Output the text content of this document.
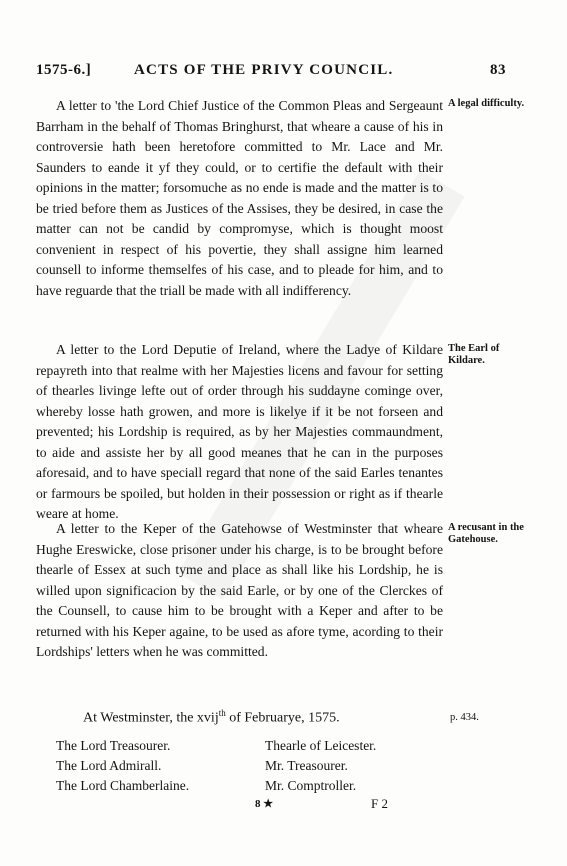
1575-6.]	ACTS OF THE PRIVY COUNCIL.	83
A letter to 'the Lord Chief Justice of the Common Pleas and Sergeaunt Barrham in the behalf of Thomas Bringhurst, that wheare a cause of his in controversie hath been heretofore committed to Mr. Lace and Mr. Saunders to eande it yf they could, or to certifie the default with their opinions in the matter; forsomuche as no ende is made and the matter is to be tried before them as Justices of the Assises, they be desired, in case the matter can not be candid by compromyse, which is thought moost convenient in respect of his povertie, they shall assigne him learned counsell to informe themselfes of his case, and to pleade for him, and to have reguarde that the triall be made with all indifferency.
A legal difficulty.
A letter to the Lord Deputie of Ireland, where the Ladye of Kildare repayreth into that realme with her Majesties licens and favour for setting of thearles livinge lefte out of order through his suddayne cominge over, whereby losse hath growen, and more is likelye if it be not forseen and prevented; his Lordship is required, as by her Majesties commaundment, to aide and assiste her by all good meanes that he can in the purposes aforesaid, and to have speciall regard that none of the said Earles tenantes or farmours be spoiled, but holden in their possession or right as if thearle weare at home.
The Earl of Kildare.
A letter to the Keper of the Gatehowse of Westminster that wheare Hughe Ereswicke, close prisoner under his charge, is to be brought before thearle of Essex at such tyme and place as shall like his Lordship, he is willed upon significacion by the said Earle, or by one of the Clerckes of the Counsell, to cause him to be brought with a Keper and after to be returned with his Keper againe, to be used as afore tyme, acording to their Lordships' letters when he was committed.
A recusant in the Gatehouse.
At Westminster, the xvij$^{th}$ of Februarye, 1575.	p. 434.
The Lord Treasourer.	Thearle of Leicester.
The Lord Admirall.	Mr. Treasourer.
The Lord Chamberlaine.	Mr. Comptroller.
8 ★	F 2
